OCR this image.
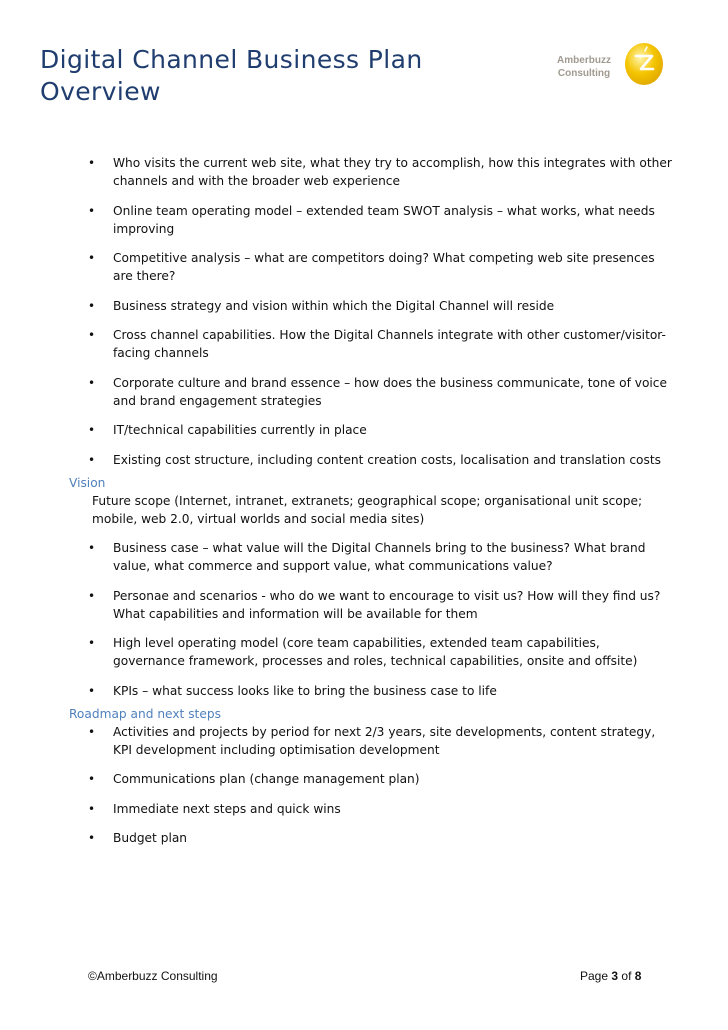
Digital Channel Business Plan
Overview
Amberbuzz
Consulting
• Who visits the current web site, what they try to accomplish, how this integrates with other channels and with the broader web experience
• Online team operating model – extended team SWOT analysis – what works, what needs improving
• Competitive analysis – what are competitors doing? What competing web site presences are there?
• Business strategy and vision within which the Digital Channel will reside
• Cross channel capabilities. How the Digital Channels integrate with other customer/visitor-facing channels
• Corporate culture and brand essence – how does the business communicate, tone of voice and brand engagement strategies
• IT/technical capabilities currently in place
• Existing cost structure, including content creation costs, localisation and translation costs
Vision
Future scope (Internet, intranet, extranets; geographical scope; organisational unit scope; mobile, web 2.0, virtual worlds and social media sites)
• Business case – what value will the Digital Channels bring to the business? What brand value, what commerce and support value, what communications value?
• Personae and scenarios - who do we want to encourage to visit us? How will they find us? What capabilities and information will be available for them
• High level operating model (core team capabilities, extended team capabilities, governance framework, processes and roles, technical capabilities, onsite and offsite)
• KPIs – what success looks like to bring the business case to life
Roadmap and next steps
• Activities and projects by period for next 2/3 years, site developments, content strategy, KPI development including optimisation development
• Communications plan (change management plan)
• Immediate next steps and quick wins
• Budget plan
©Amberbuzz Consulting	Page 3 of 8
